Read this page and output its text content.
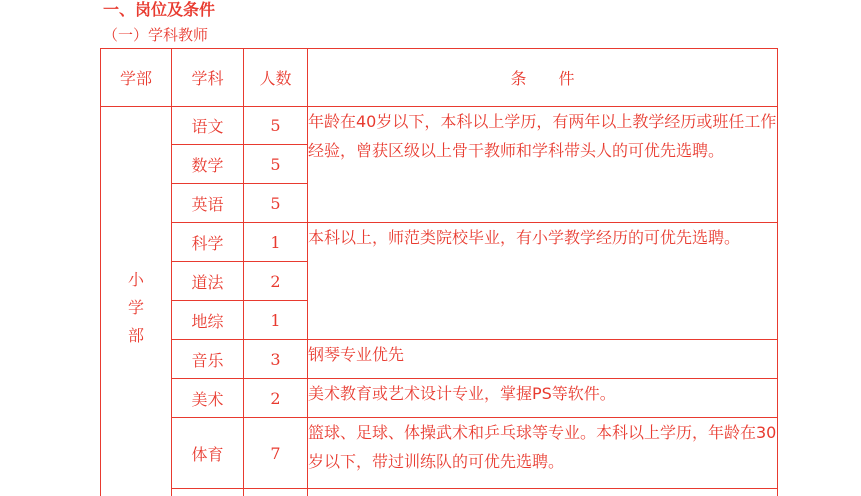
一、岗位及条件
（一）学科教师
学部	学科	人数	条　　件
小学部	语文	5	年龄在40岁以下，本科以上学历，有两年以上教学经历或班任工作经验，曾获区级以上骨干教师和学科带头人的可优先选聘。
	数学	5	
	英语	5	
	科学	1	本科以上，师范类院校毕业，有小学教学经历的可优先选聘。
	道法	2	
	地综	1	
	音乐	3	钢琴专业优先
	美术	2	美术教育或艺术设计专业，掌握PS等软件。
	体育	7	篮球、足球、体操武术和乒乓球等专业。本科以上学历，年龄在30岁以下，带过训练队的可优先选聘。
